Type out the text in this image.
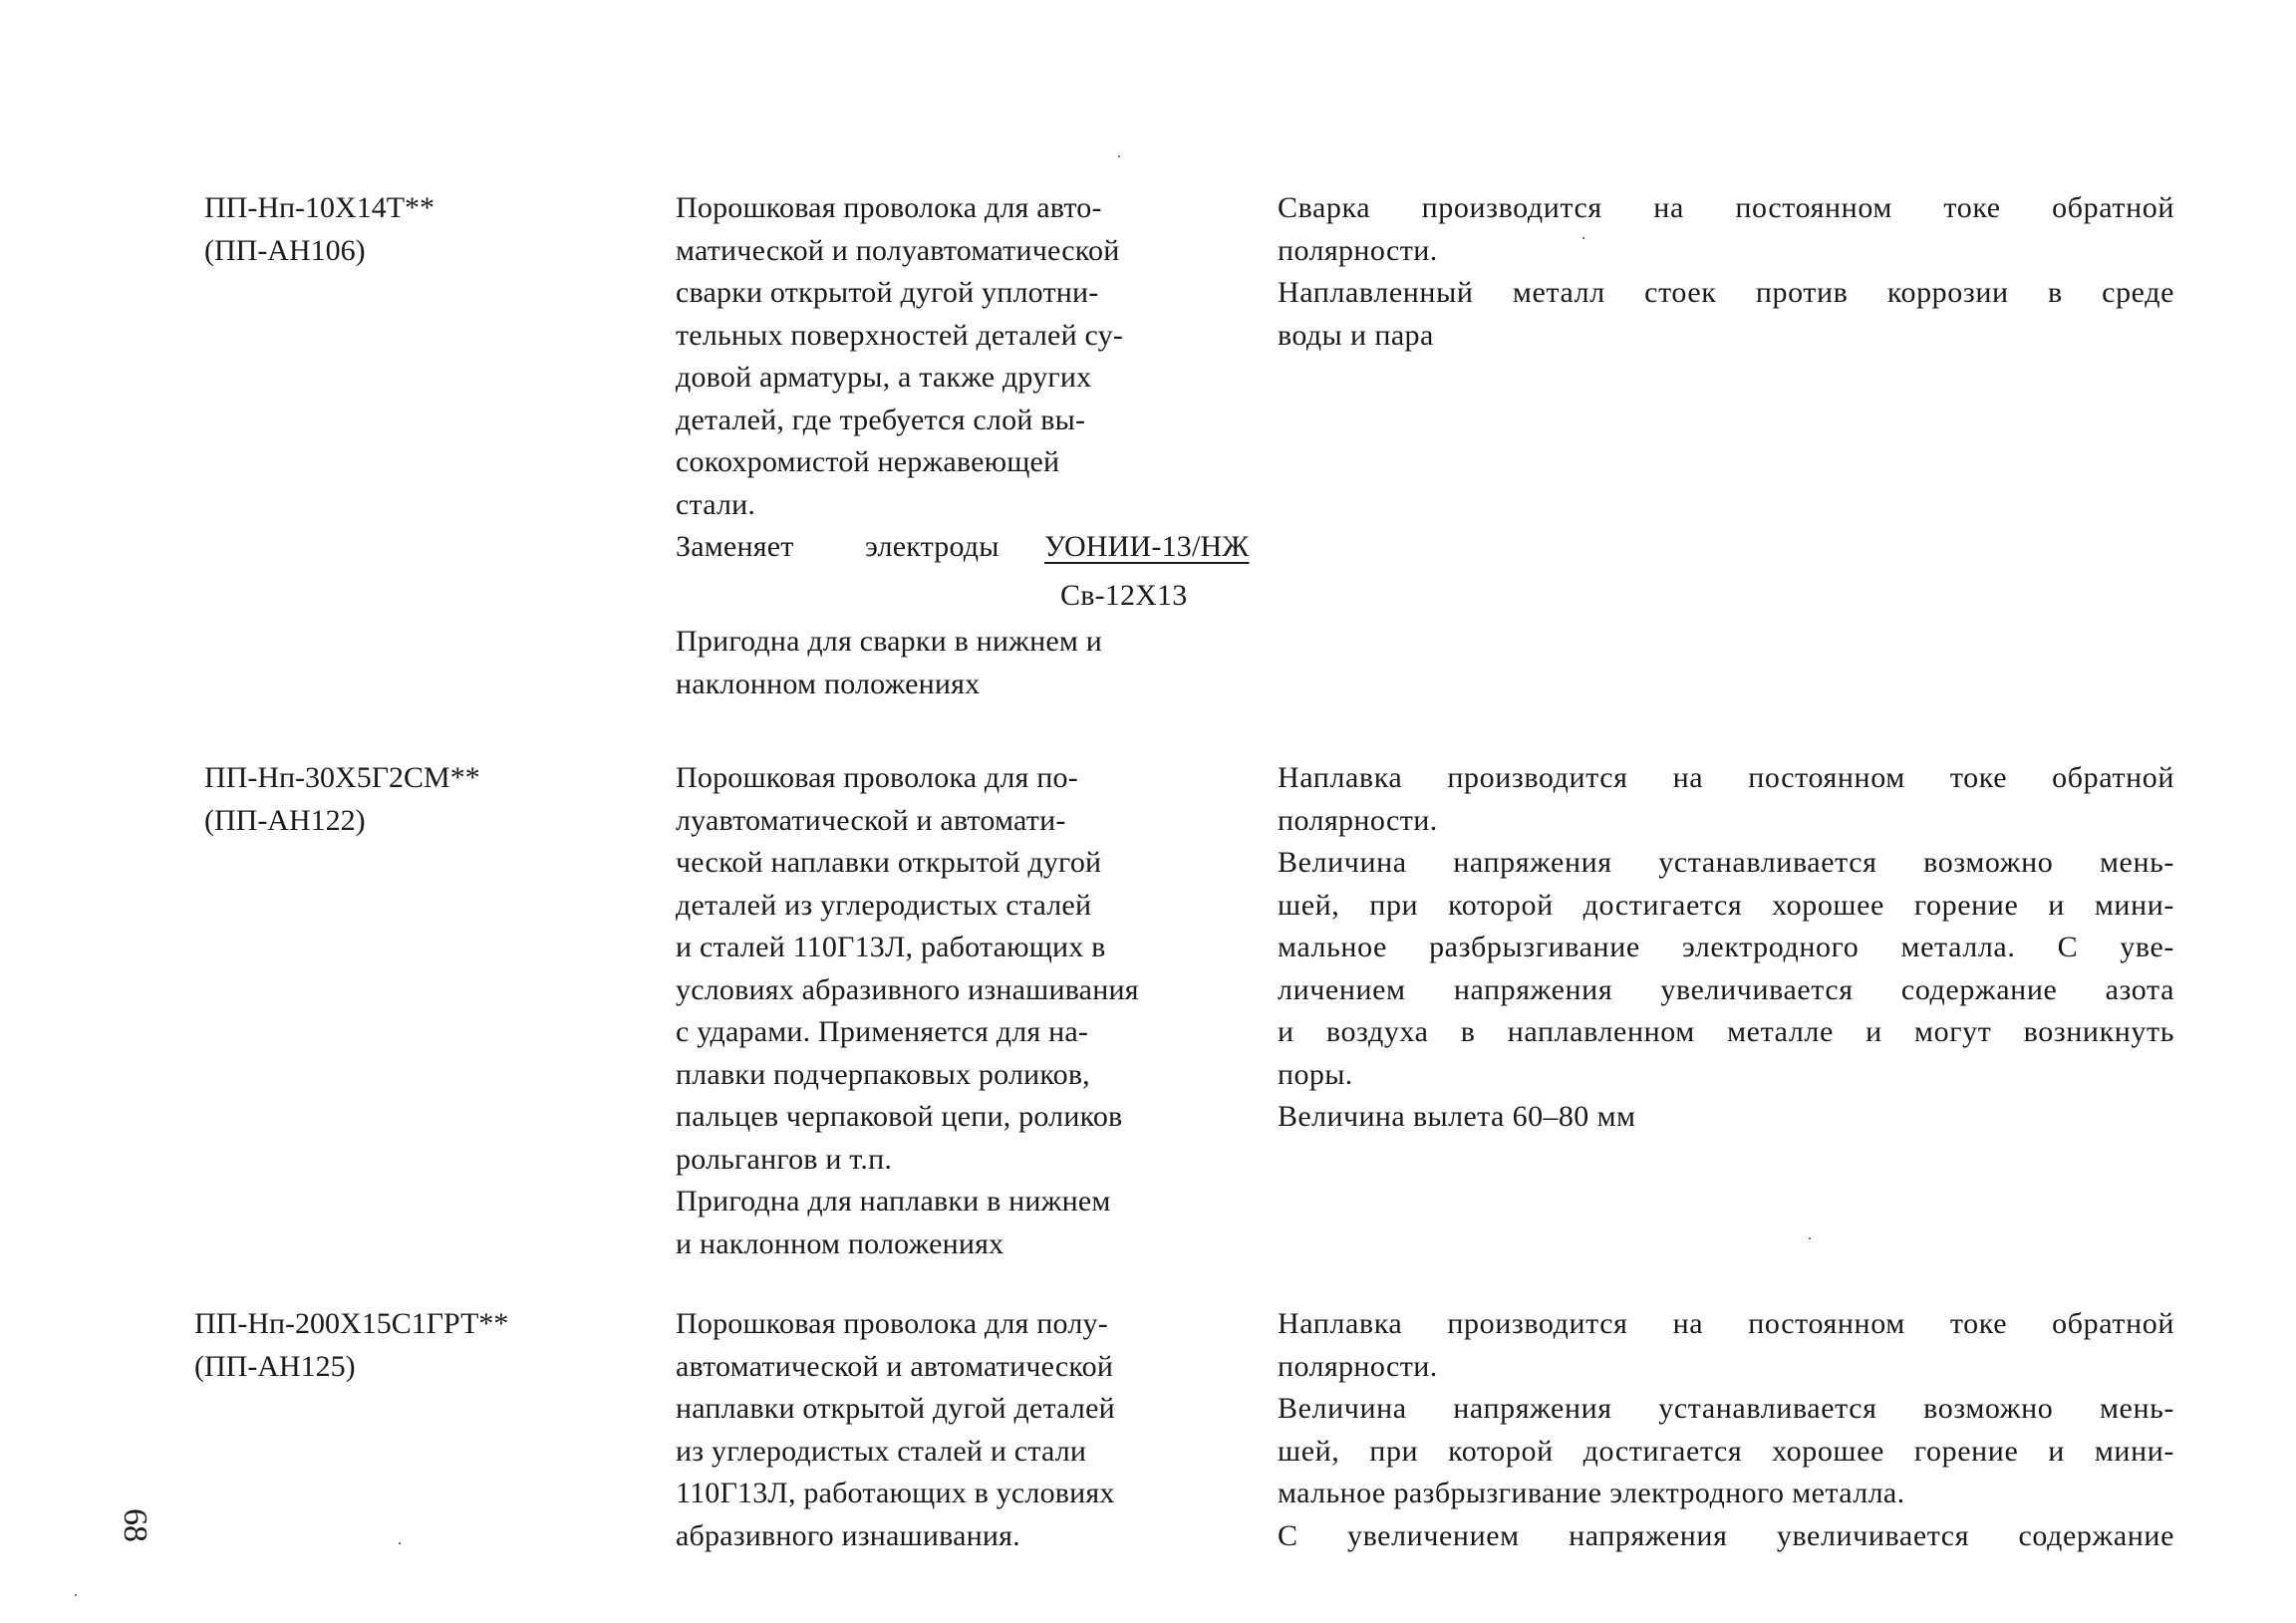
ПП-Нп-10Х14Т**
(ПП-АН106)
Порошковая проволока для авто-
матической и полуавтоматической
сварки открытой дугой уплотни-
тельных поверхностей деталей су-
довой арматуры, а также других
деталей, где требуется слой вы-
сокохромистой нержавеющей
стали.
Заменяет электроды УОНИИ-13/НЖ
Св-12Х13
Пригодна для сварки в нижнем и
наклонном положениях
Сварка производится на постоянном токе обратной
полярности.
Наплавленный металл стоек против коррозии в среде
воды и пара
ПП-Нп-30Х5Г2СМ**
(ПП-АН122)
Порошковая проволока для по-
луавтоматической и автомати-
ческой наплавки открытой дугой
деталей из углеродистых сталей
и сталей 110Г13Л, работающих в
условиях абразивного изнашивания
с ударами. Применяется для на-
плавки подчерпаковых роликов,
пальцев черпаковой цепи, роликов
рольгангов и т.п.
Пригодна для наплавки в нижнем
и наклонном положениях
Наплавка производится на постоянном токе обратной
полярности.
Величина напряжения устанавливается возможно мень-
шей, при которой достигается хорошее горение и мини-
мальное разбрызгивание электродного металла. С уве-
личением напряжения увеличивается содержание азота
и воздуха в наплавленном металле и могут возникнуть
поры.
Величина вылета 60–80 мм
ПП-Нп-200Х15С1ГРТ**
(ПП-АН125)
Порошковая проволока для полу-
автоматической и автоматической
наплавки открытой дугой деталей
из углеродистых сталей и стали
110Г13Л, работающих в условиях
абразивного изнашивания.
Наплавка производится на постоянном токе обратной
полярности.
Величина напряжения устанавливается возможно мень-
шей, при которой достигается хорошее горение и мини-
мальное разбрызгивание электродного металла.
С увеличением напряжения увеличивается содержание
68
